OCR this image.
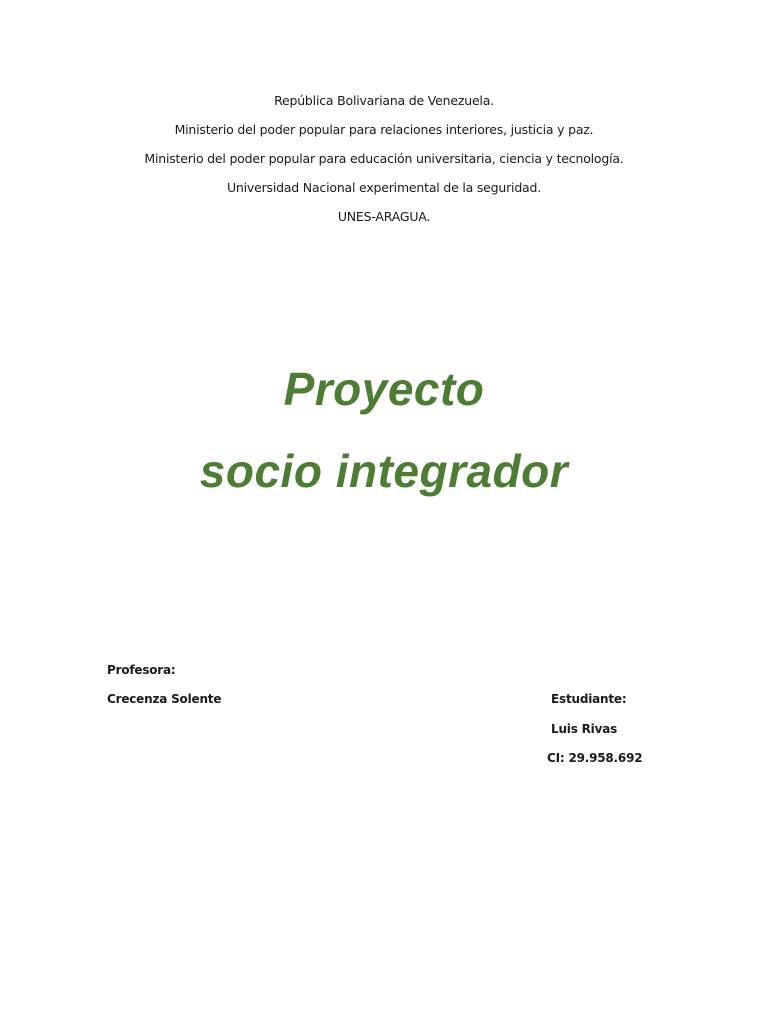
República Bolivariana de Venezuela.
Ministerio del poder popular para relaciones interiores, justicia y paz.
Ministerio del poder popular para educación universitaria, ciencia y tecnología.
Universidad Nacional experimental de la seguridad.
UNES-ARAGUA.
Proyecto
socio integrador
Profesora:
Crecenza Solente	Estudiante:
Luis Rivas
CI: 29.958.692
